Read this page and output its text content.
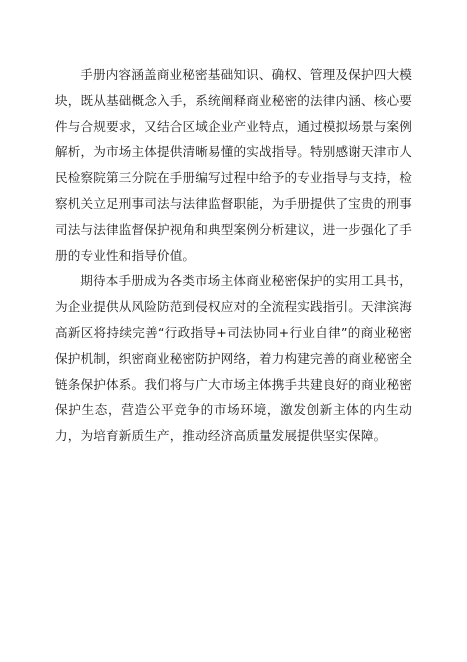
手册内容涵盖商业秘密基础知识、确权、管理及保护四大模块，既从基础概念入手，系统阐释商业秘密的法律内涵、核心要件与合规要求，又结合区域企业产业特点，通过模拟场景与案例解析，为市场主体提供清晰易懂的实战指导。特别感谢天津市人民检察院第三分院在手册编写过程中给予的专业指导与支持，检察机关立足刑事司法与法律监督职能，为手册提供了宝贵的刑事司法与法律监督保护视角和典型案例分析建议，进一步强化了手册的专业性和指导价值。

期待本手册成为各类市场主体商业秘密保护的实用工具书，为企业提供从风险防范到侵权应对的全流程实践指引。天津滨海高新区将持续完善“行政指导+司法协同+行业自律”的商业秘密保护机制，织密商业秘密防护网络，着力构建完善的商业秘密全链条保护体系。我们将与广大市场主体携手共建良好的商业秘密保护生态，营造公平竞争的市场环境，激发创新主体的内生动力，为培育新质生产，推动经济高质量发展提供坚实保障。
